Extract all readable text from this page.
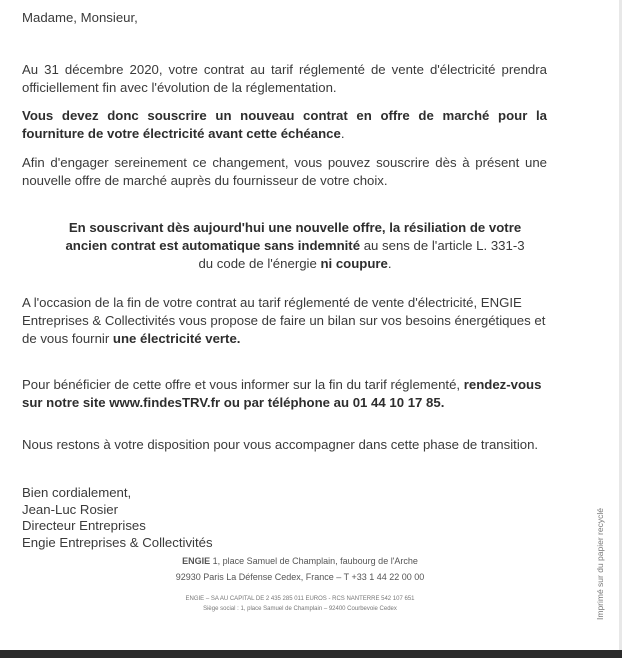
Madame, Monsieur,

Au 31 décembre 2020, votre contrat au tarif réglementé de vente d'électricité prendra officiellement fin avec l'évolution de la réglementation.

Vous devez donc souscrire un nouveau contrat en offre de marché pour la fourniture de votre électricité avant cette échéance.

Afin d'engager sereinement ce changement, vous pouvez souscrire dès à présent une nouvelle offre de marché auprès du fournisseur de votre choix.

En souscrivant dès aujourd'hui une nouvelle offre, la résiliation de votre ancien contrat est automatique sans indemnité au sens de l'article L. 331-3 du code de l'énergie ni coupure.

A l'occasion de la fin de votre contrat au tarif réglementé de vente d'électricité, ENGIE Entreprises & Collectivités vous propose de faire un bilan sur vos besoins énergétiques et de vous fournir une électricité verte.

Pour bénéficier de cette offre et vous informer sur la fin du tarif réglementé, rendez-vous sur notre site www.findesTRV.fr ou par téléphone au 01 44 10 17 85.

Nous restons à votre disposition pour vous accompagner dans cette phase de transition.

Bien cordialement,
Jean-Luc Rosier
Directeur Entreprises
Engie Entreprises & Collectivités
ENGIE 1, place Samuel de Champlain, faubourg de l'Arche
92930 Paris La Défense Cedex, France – T +33 1 44 22 00 00
ENGIE – SA AU CAPITAL DE 2 435 285 011 EUROS - RCS NANTERRE 542 107 651
Siège social : 1, place Samuel de Champlain – 92400 Courbevoie Cedex	Imprimé sur du papier recyclé
